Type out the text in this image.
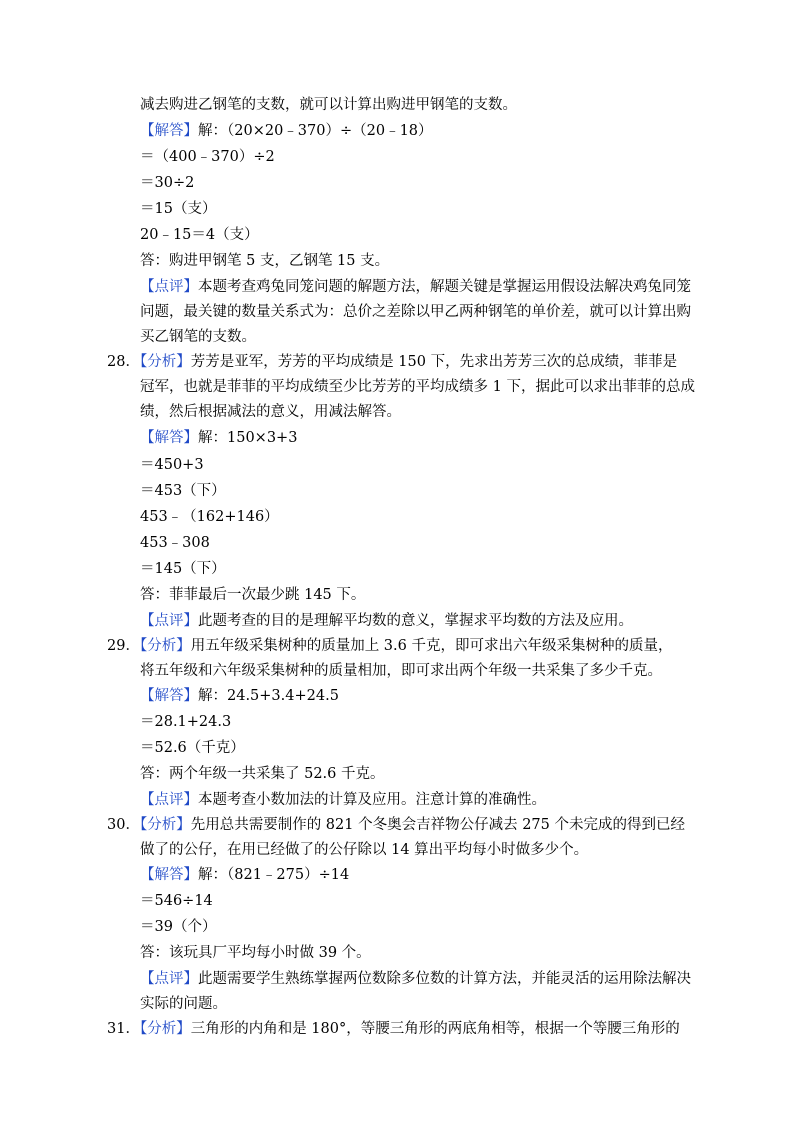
减去购进乙钢笔的支数，就可以计算出购进甲钢笔的支数。
【解答】解：（20×20﹣370）÷（20﹣18）
＝（400﹣370）÷2
＝30÷2
＝15（支）
20﹣15＝4（支）
答：购进甲钢笔 5 支，乙钢笔 15 支。
【点评】本题考查鸡兔同笼问题的解题方法，解题关键是掌握运用假设法解决鸡兔同笼
问题，最关键的数量关系式为：总价之差除以甲乙两种钢笔的单价差，就可以计算出购
买乙钢笔的支数。
28．【分析】芳芳是亚军，芳芳的平均成绩是 150 下，先求出芳芳三次的总成绩，菲菲是
冠军，也就是菲菲的平均成绩至少比芳芳的平均成绩多 1 下，据此可以求出菲菲的总成
绩，然后根据减法的意义，用减法解答。
【解答】解：150×3+3
＝450+3
＝453（下）
453﹣（162+146）
453﹣308
＝145（下）
答：菲菲最后一次最少跳 145 下。
【点评】此题考查的目的是理解平均数的意义，掌握求平均数的方法及应用。
29．【分析】用五年级采集树种的质量加上 3.6 千克，即可求出六年级采集树种的质量，
将五年级和六年级采集树种的质量相加，即可求出两个年级一共采集了多少千克。
【解答】解：24.5+3.4+24.5
＝28.1+24.3
＝52.6（千克）
答：两个年级一共采集了 52.6 千克。
【点评】本题考查小数加法的计算及应用。注意计算的准确性。
30．【分析】先用总共需要制作的 821 个冬奥会吉祥物公仔减去 275 个未完成的得到已经
做了的公仔，在用已经做了的公仔除以 14 算出平均每小时做多少个。
【解答】解：（821﹣275）÷14
＝546÷14
＝39（个）
答：该玩具厂平均每小时做 39 个。
【点评】此题需要学生熟练掌握两位数除多位数的计算方法，并能灵活的运用除法解决
实际的问题。
31．【分析】三角形的内角和是 180°，等腰三角形的两底角相等，根据一个等腰三角形的
